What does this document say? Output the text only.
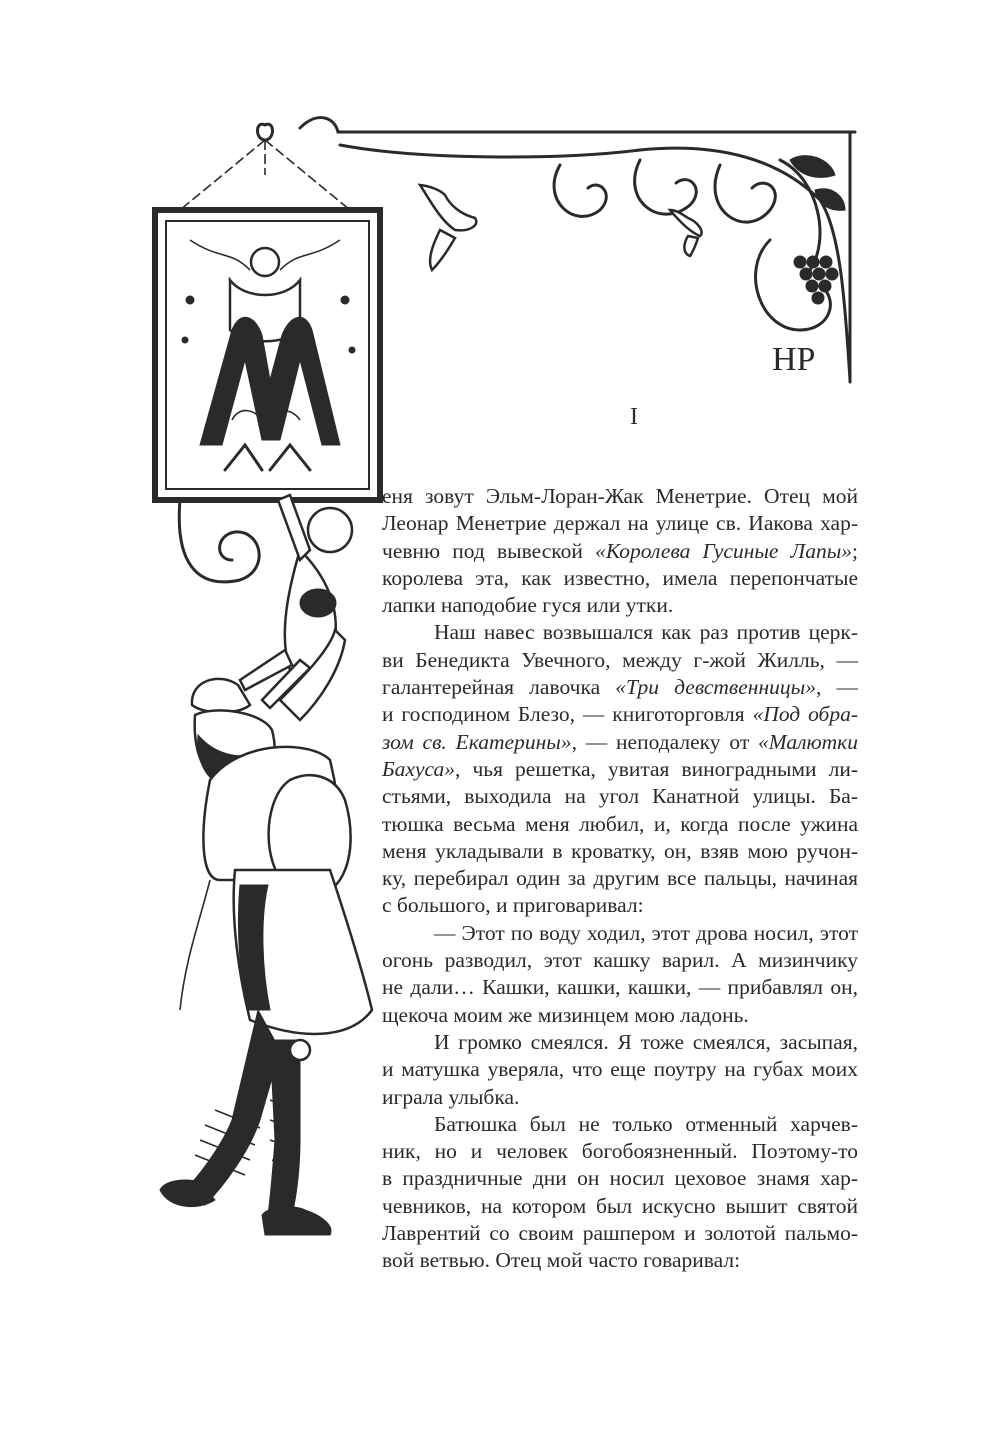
HP
I

еня зовут Эльм-Лоран-Жак Менетрие. Отец мой
Леонар Менетрие держал на улице св. Иакова хар-
чевню под вывеской «Королева Гусиные Лапы»;
королева эта, как известно, имела перепончатые
лапки наподобие гуся или утки.

Наш навес возвышался как раз против церк-
ви Бенедикта Увечного, между г-жой Жилль, —
галантерейная лавочка «Три девственницы», —
и господином Блезо, — книготорговля «Под обра-
зом св. Екатерины», — неподалеку от «Малютки
Бахуса», чья решетка, увитая виноградными ли-
стьями, выходила на угол Канатной улицы. Ба-
тюшка весьма меня любил, и, когда после ужина
меня укладывали в кроватку, он, взяв мою ручон-
ку, перебирал один за другим все пальцы, начиная
с большого, и приговаривал:

— Этот по воду ходил, этот дрова носил, этот
огонь разводил, этот кашку варил. А мизинчику
не дали… Кашки, кашки, кашки, — прибавлял он,
щекоча моим же мизинцем мою ладонь.

И громко смеялся. Я тоже смеялся, засыпая,
и матушка уверяла, что еще поутру на губах моих
играла улыбка.

Батюшка был не только отменный харчев-
ник, но и человек богобоязненный. Поэтому-то
в праздничные дни он носил цеховое знамя хар-
чевников, на котором был искусно вышит святой
Лаврентий со своим рашпером и золотой пальмо-
вой ветвью. Отец мой часто говаривал:
